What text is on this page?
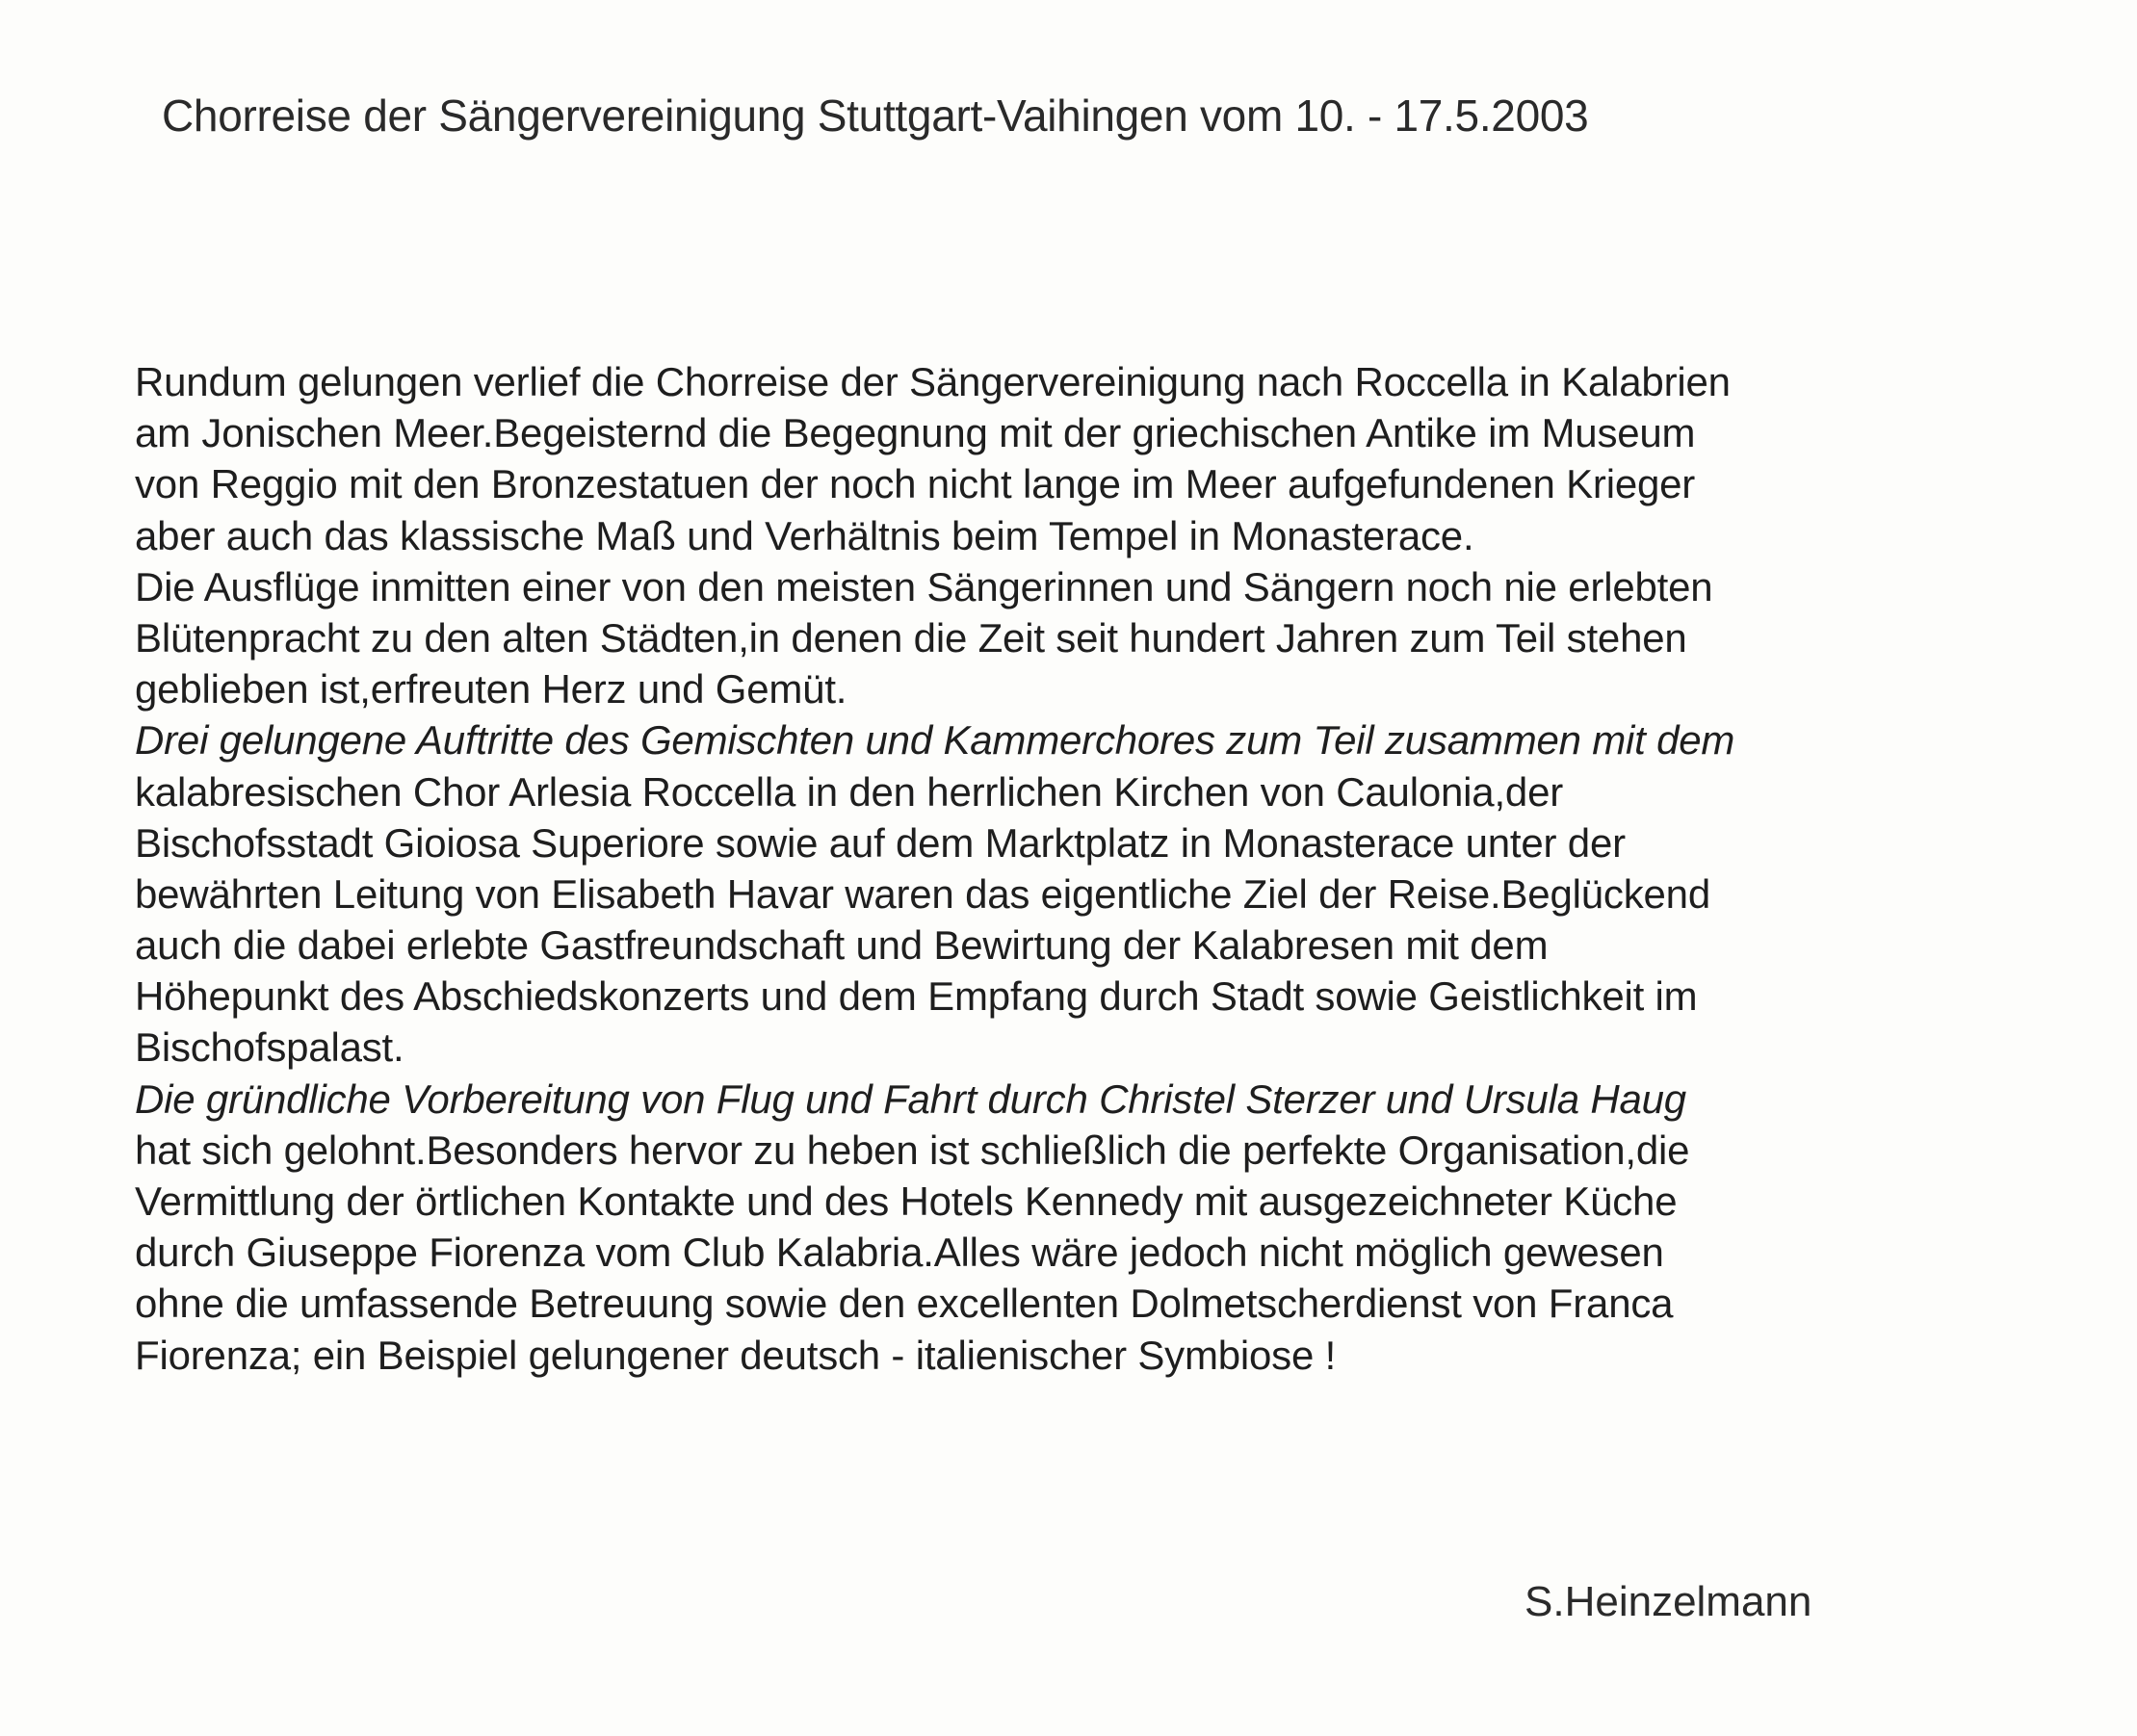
Chorreise der Sängervereinigung Stuttgart-Vaihingen vom 10. - 17.5.2003
Rundum gelungen verlief die Chorreise der Sängervereinigung nach Roccella in Kalabrien
am Jonischen Meer.Begeisternd die Begegnung mit der griechischen Antike im Museum
von Reggio mit den Bronzestatuen der noch nicht lange im Meer aufgefundenen Krieger
aber auch das klassische Maß und Verhältnis beim Tempel in Monasterace.
Die Ausflüge inmitten einer von den meisten Sängerinnen und Sängern noch nie erlebten
Blütenpracht zu den alten Städten,in denen die Zeit seit hundert Jahren zum Teil stehen
geblieben ist,erfreuten Herz und Gemüt.
Drei gelungene Auftritte des Gemischten und Kammerchores zum Teil zusammen mit dem
kalabresischen Chor Arlesia Roccella in den herrlichen Kirchen von Caulonia,der
Bischofsstadt Gioiosa Superiore sowie auf dem Marktplatz in Monasterace unter der
bewährten Leitung von Elisabeth Havar waren das eigentliche Ziel der Reise.Beglückend
auch die dabei erlebte Gastfreundschaft und Bewirtung der Kalabresen mit dem
Höhepunkt des Abschiedskonzerts und dem Empfang durch Stadt sowie Geistlichkeit im
Bischofspalast.
Die gründliche Vorbereitung von Flug und Fahrt durch Christel Sterzer und Ursula Haug
hat sich gelohnt.Besonders hervor zu heben ist schließlich die perfekte Organisation,die
Vermittlung der örtlichen Kontakte und des Hotels Kennedy mit ausgezeichneter Küche
durch Giuseppe Fiorenza vom Club Kalabria.Alles wäre jedoch nicht möglich gewesen
ohne die umfassende Betreuung sowie den excellenten Dolmetscherdienst von Franca
Fiorenza; ein Beispiel gelungener deutsch - italienischer Symbiose !
S.Heinzelmann
